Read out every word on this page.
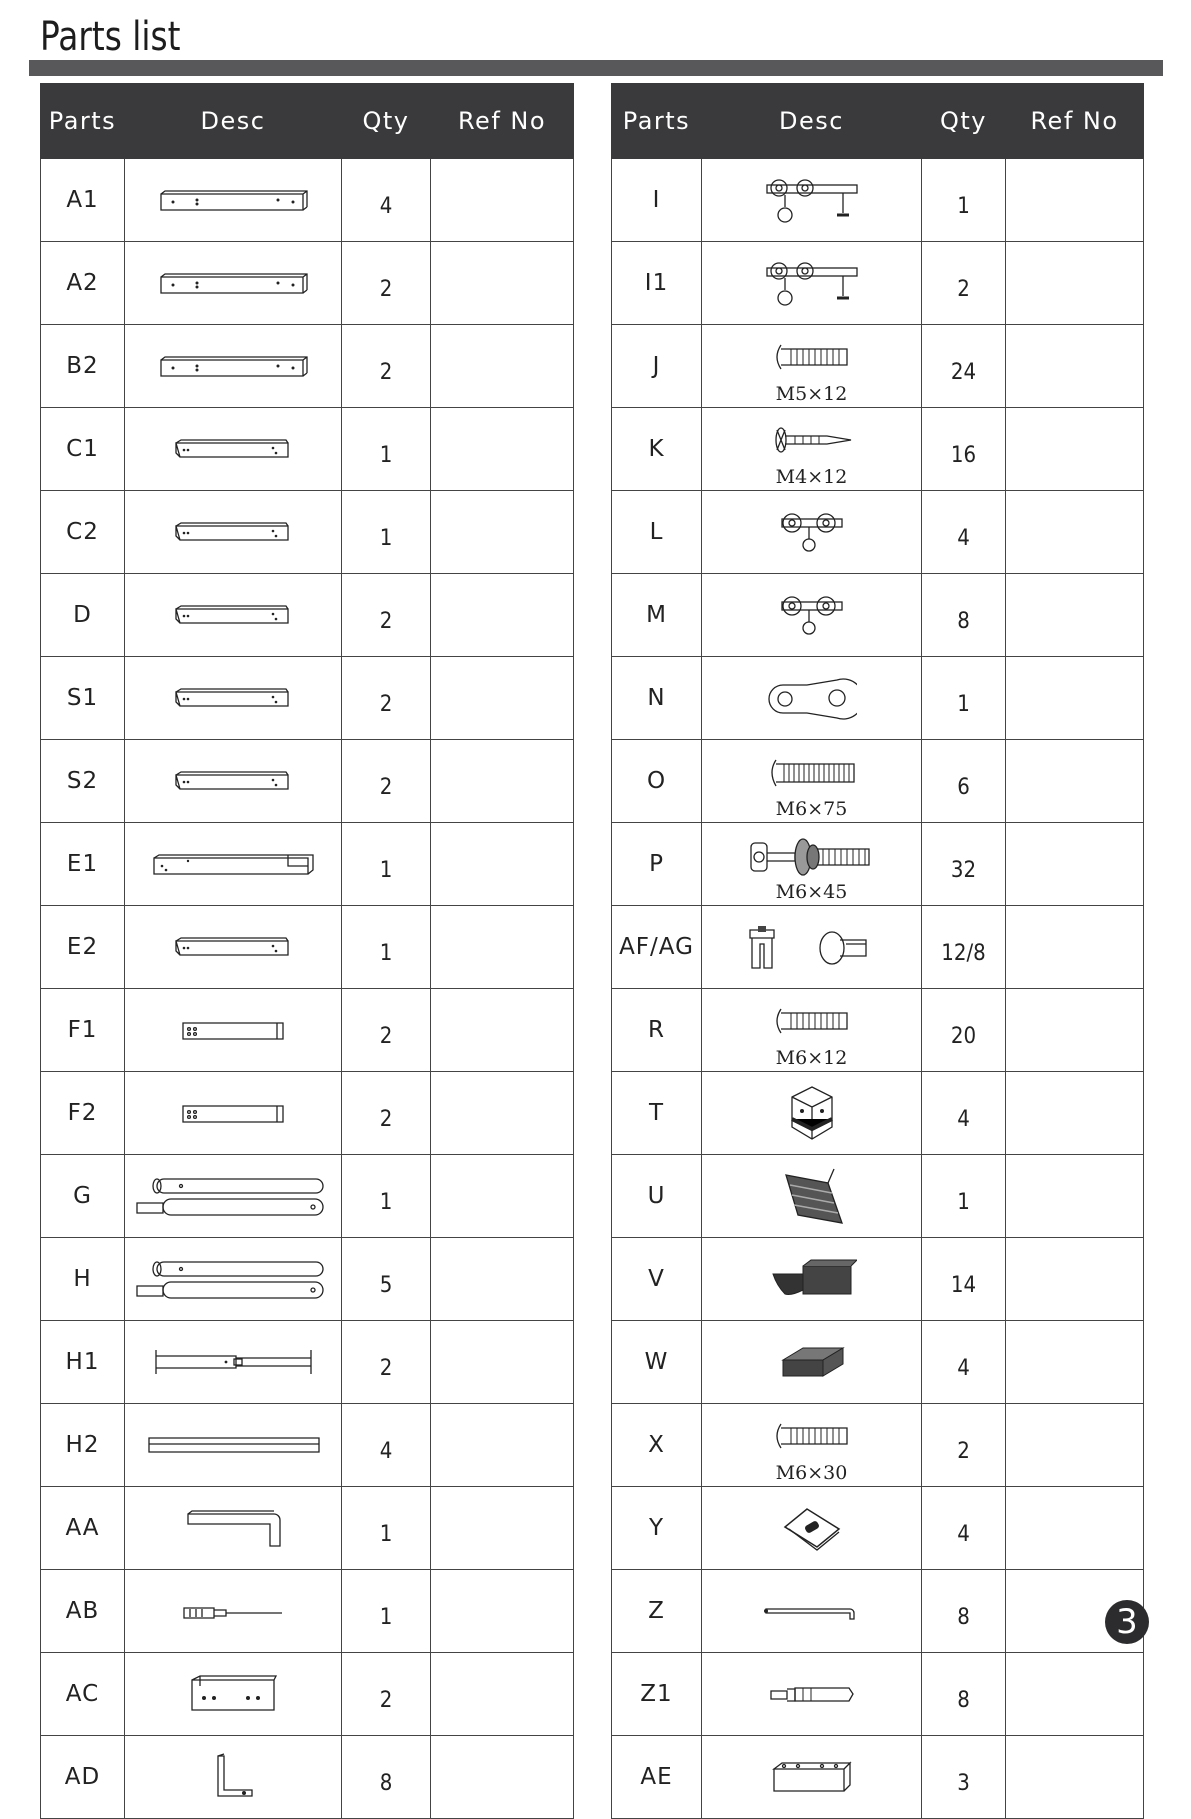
Parts list
Parts	Desc	Qty	Ref No
A1		4	
A2		2	
B2		2	
C1		1	
C2		1	
D		2	
S1		2	
S2		2	
E1		1	
E2		1	
F1		2	
F2		2	
G		1	
H		5	
H1		2	
H2		4	
AA		1	
AB		1	
AC		2	
AD		8	
Parts	Desc	Qty	Ref No
I		1	
I1		2	
J	M5×12	24	
K	M4×12	16	
L		4	
M		8	
N		1	
O	M6×75	6	
P	M6×45	32	
AF/AG		12/8	
R	M6×12	20	
T		4	
U		1	
V		14	
W		4	
X	M6×30	2	
Y		4	
Z		8	
Z1		8	
AE		3	
3
